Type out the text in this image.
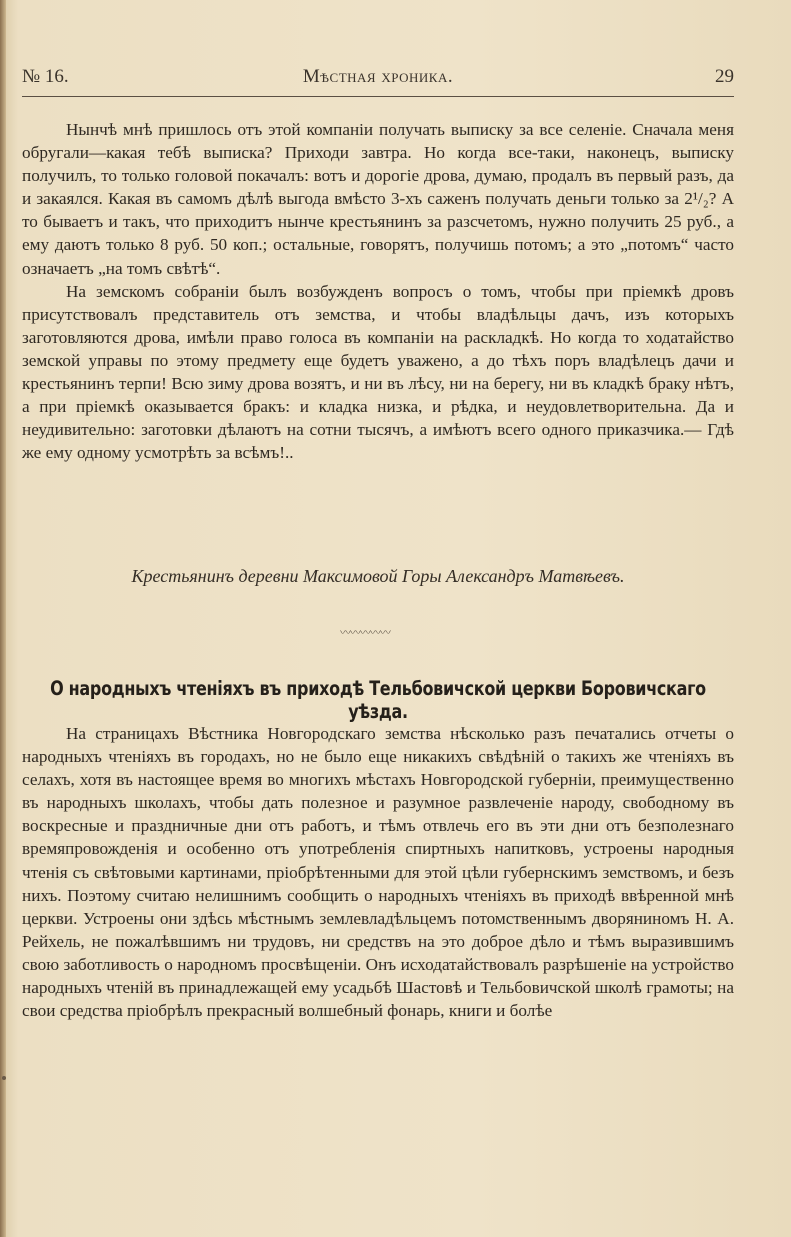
№ 16.	Мѣстная хроника.	29

Нынчѣ мнѣ пришлось отъ этой компаніи получать выписку за все селеніе. Сначала меня обругали—какая тебѣ выписка? Приходи завтра. Но когда все-таки, наконецъ, выписку получилъ, то только головой покачалъ: вотъ и дорогіе дрова, думаю, продалъ въ первый разъ, да и закаялся. Какая въ самомъ дѣлѣ выгода вмѣсто 3-хъ саженъ получать деньги только за 2¹/₂? А то бываетъ и такъ, что приходитъ нынче крестьянинъ за разсчетомъ, нужно получить 25 руб., а ему даютъ только 8 руб. 50 коп.; остальные, говорятъ, получишь потомъ; а это „потомъ“ часто означаетъ „на томъ свѣтѣ“.

На земскомъ собраніи былъ возбужденъ вопросъ о томъ, чтобы при пріемкѣ дровъ присутствовалъ представитель отъ земства, и чтобы владѣльцы дачъ, изъ которыхъ заготовляются дрова, имѣли право голоса въ компаніи на раскладкѣ. Но когда то ходатайство земской управы по этому предмету еще будетъ уважено, а до тѣхъ поръ владѣлецъ дачи и крестьянинъ терпи! Всю зиму дрова возятъ, и ни въ лѣсу, ни на берегу, ни въ кладкѣ браку нѣтъ, а при пріемкѣ оказывается бракъ: и кладка низка, и рѣдка, и неудовлетворительна. Да и неудивительно: заготовки дѣлаютъ на сотни тысячъ, а имѣютъ всего одного приказчика.— Гдѣ же ему одному усмотрѣть за всѣмъ!..

Крестьянинъ деревни Максимовой Горы Александръ Матвѣевъ.
〰〰〰〰〰
О народныхъ чтеніяхъ въ приходѣ Тельбовичской церкви Боровичскаго уѣзда.

На страницахъ Вѣстника Новгородскаго земства нѣсколько разъ печатались отчеты о народныхъ чтеніяхъ въ городахъ, но не было еще никакихъ свѣдѣній о такихъ же чтеніяхъ въ селахъ, хотя въ настоящее время во многихъ мѣстахъ Новгородской губерніи, преимущественно въ народныхъ школахъ, чтобы дать полезное и разумное развлеченіе народу, свободному въ воскресные и праздничные дни отъ работъ, и тѣмъ отвлечь его въ эти дни отъ безполезнаго времяпровожденія и особенно отъ употребленія спиртныхъ напитковъ, устроены народныя чтенія съ свѣтовыми картинами, пріобрѣтенными для этой цѣли губернскимъ земствомъ, и безъ нихъ. Поэтому считаю нелишнимъ сообщить о народныхъ чтеніяхъ въ приходѣ ввѣренной мнѣ церкви. Устроены они здѣсь мѣстнымъ землевладѣльцемъ потомственнымъ дворяниномъ Н. А. Рейхель, не пожалѣвшимъ ни трудовъ, ни средствъ на это доброе дѣло и тѣмъ выразившимъ свою заботливость о народномъ просвѣщеніи. Онъ исходатайствовалъ разрѣшеніе на устройство народныхъ чтеній въ принадлежащей ему усадьбѣ Шастовѣ и Тельбовичской школѣ грамоты; на свои средства пріобрѣлъ прекрасный волшебный фонарь, книги и болѣе
